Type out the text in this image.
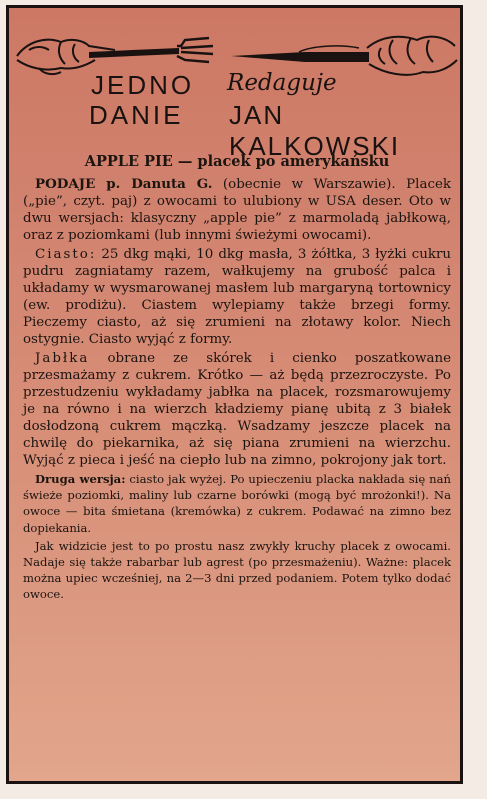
JEDNO
DANIE
Redaguje
JAN KALKOWSKI
APPLE PIE — placek po amerykańsku

PODAJE p. Danuta G. (obecnie w Warszawie). Placek („pie”, czyt. paj) z owocami to ulubiony w USA deser. Oto w dwu wersjach: klasyczny „apple pie” z marmoladą jabłkową, oraz z poziomkami (lub innymi świeżymi owocami).

Ciasto: 25 dkg mąki, 10 dkg masła, 3 żółtka, 3 łyżki cukru pudru zagniatamy razem, wałkujemy na grubość palca i układamy w wysmarowanej masłem lub margaryną tortownicy (ew. prodiżu). Ciastem wylepiamy także brzegi formy. Pieczemy ciasto, aż się zrumieni na złotawy kolor. Niech ostygnie. Ciasto wyjąć z formy.

Jabłka obrane ze skórek i cienko poszatkowane przesmażamy z cukrem. Krótko — aż będą przezroczyste. Po przestudzeniu wykładamy jabłka na placek, rozsmarowujemy je na równo i na wierzch kładziemy pianę ubitą z 3 białek dosłodzoną cukrem mączką. Wsadzamy jeszcze placek na chwilę do piekarnika, aż się piana zrumieni na wierzchu. Wyjąć z pieca i jeść na ciepło lub na zimno, pokrojony jak tort.

Druga wersja: ciasto jak wyżej. Po upieczeniu placka nakłada się nań świeże poziomki, maliny lub czarne borówki (mogą być mrożonki!). Na owoce — bita śmietana (kremówka) z cukrem. Podawać na zimno bez dopiekania.

Jak widzicie jest to po prostu nasz zwykły kruchy placek z owocami. Nadaje się także rabarbar lub agrest (po przesmażeniu). Ważne: placek można upiec wcześniej, na 2—3 dni przed podaniem. Potem tylko dodać owoce.
